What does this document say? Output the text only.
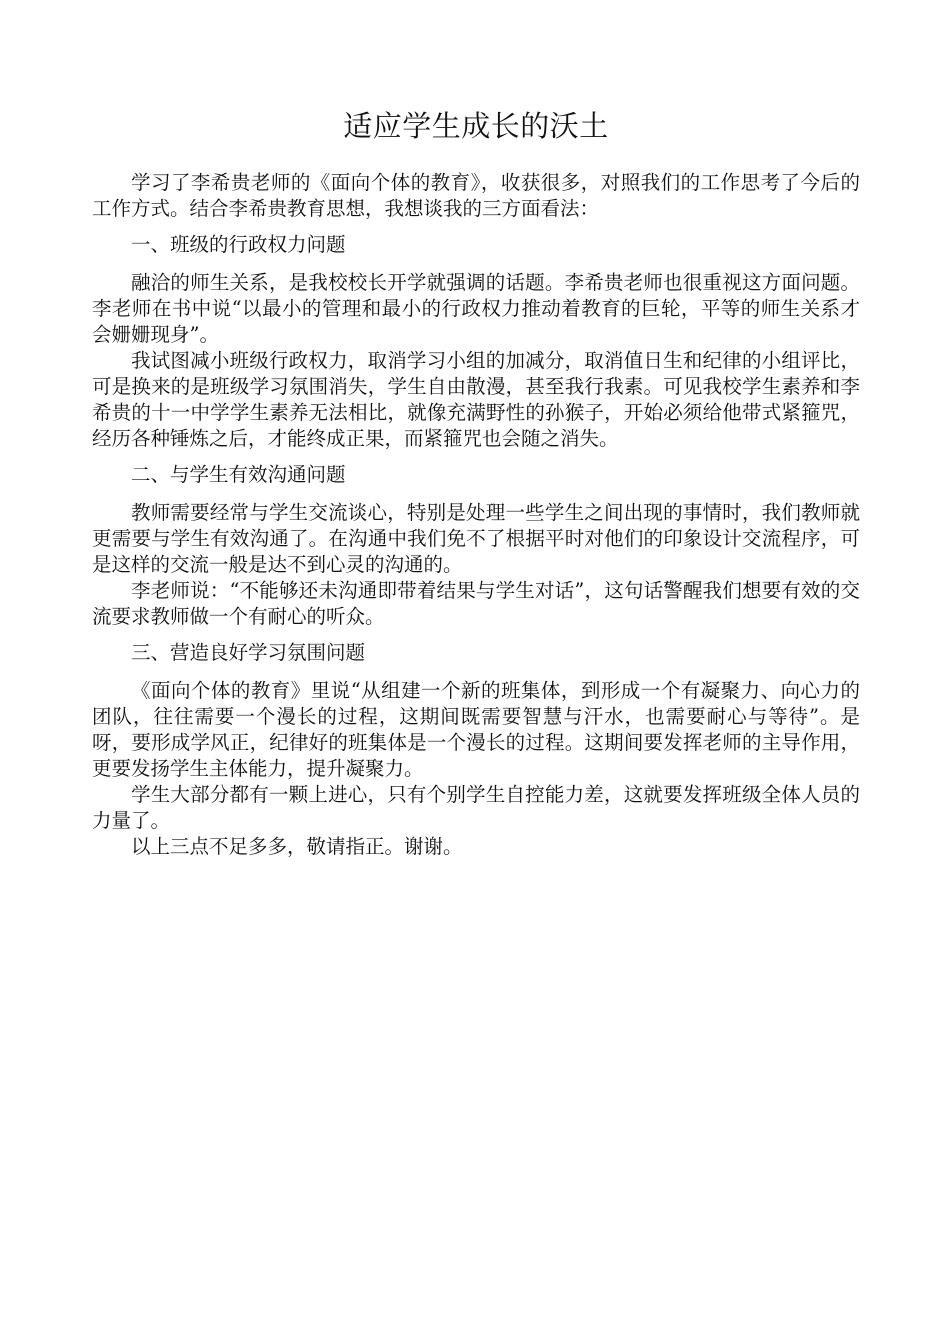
适应学生成长的沃土

学习了李希贵老师的《面向个体的教育》，收获很多，对照我们的工作思考了今后的工作方式。结合李希贵教育思想，我想谈我的三方面看法：

一、班级的行政权力问题

融洽的师生关系，是我校校长开学就强调的话题。李希贵老师也很重视这方面问题。李老师在书中说“以最小的管理和最小的行政权力推动着教育的巨轮，平等的师生关系才会姗姗现身”。

我试图减小班级行政权力，取消学习小组的加减分，取消值日生和纪律的小组评比，可是换来的是班级学习氛围消失，学生自由散漫，甚至我行我素。可见我校学生素养和李希贵的十一中学学生素养无法相比，就像充满野性的孙猴子，开始必须给他带式紧箍咒，经历各种锤炼之后，才能终成正果，而紧箍咒也会随之消失。

二、与学生有效沟通问题

教师需要经常与学生交流谈心，特别是处理一些学生之间出现的事情时，我们教师就更需要与学生有效沟通了。在沟通中我们免不了根据平时对他们的印象设计交流程序，可是这样的交流一般是达不到心灵的沟通的。

李老师说：“不能够还未沟通即带着结果与学生对话”，这句话警醒我们想要有效的交流要求教师做一个有耐心的听众。

三、营造良好学习氛围问题

《面向个体的教育》里说“从组建一个新的班集体，到形成一个有凝聚力、向心力的团队，往往需要一个漫长的过程，这期间既需要智慧与汗水，也需要耐心与等待”。是呀，要形成学风正，纪律好的班集体是一个漫长的过程。这期间要发挥老师的主导作用，更要发扬学生主体能力，提升凝聚力。

学生大部分都有一颗上进心，只有个别学生自控能力差，这就要发挥班级全体人员的力量了。

以上三点不足多多，敬请指正。谢谢。
